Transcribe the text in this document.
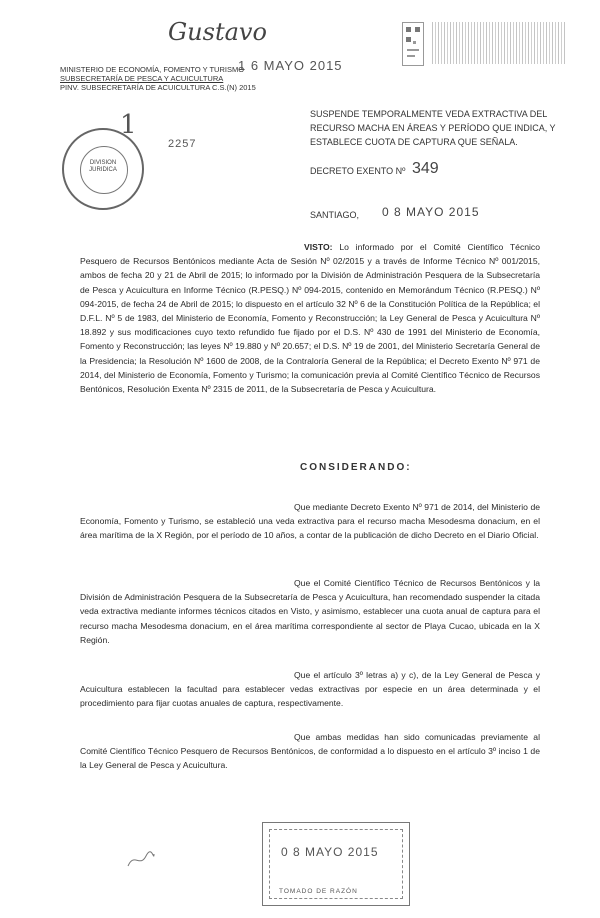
Gustavo
MINISTERIO DE ECONOMÍA, FOMENTO Y TURISMO
SUBSECRETARÍA DE PESCA Y ACUICULTURA
PINV. SUBSECRETARÍA DE ACUICULTURA C.S.(N) 2015
1 6 MAYO 2015
1
2257
DIVISION
JURIDICA
SUSPENDE TEMPORALMENTE VEDA EXTRACTIVA DEL RECURSO MACHA EN ÁREAS Y PERÍODO QUE INDICA, Y ESTABLECE CUOTA DE CAPTURA QUE SEÑALA.
DECRETO EXENTO Nº 349
SANTIAGO, 0 8 MAYO 2015
VISTO: Lo informado por el Comité Científico Técnico Pesquero de Recursos Bentónicos mediante Acta de Sesión Nº 02/2015 y a través de Informe Técnico Nº 001/2015, ambos de fecha 20 y 21 de Abril de 2015; lo informado por la División de Administración Pesquera de la Subsecretaría de Pesca y Acuicultura en Informe Técnico (R.PESQ.) Nº 094-2015, contenido en Memorándum Técnico (R.PESQ.) Nº 094-2015, de fecha 24 de Abril de 2015; lo dispuesto en el artículo 32 Nº 6 de la Constitución Política de la República; el D.F.L. Nº 5 de 1983, del Ministerio de Economía, Fomento y Reconstrucción; la Ley General de Pesca y Acuicultura Nº 18.892 y sus modificaciones cuyo texto refundido fue fijado por el D.S. Nº 430 de 1991 del Ministerio de Economía, Fomento y Reconstrucción; las leyes Nº 19.880 y Nº 20.657; el D.S. Nº 19 de 2001, del Ministerio Secretaría General de la Presidencia; la Resolución Nº 1600 de 2008, de la Contraloría General de la República; el Decreto Exento Nº 971 de 2014, del Ministerio de Economía, Fomento y Turismo; la comunicación previa al Comité Científico Técnico de Recursos Bentónicos, Resolución Exenta Nº 2315 de 2011, de la Subsecretaría de Pesca y Acuicultura.
CONSIDERANDO:
Que mediante Decreto Exento Nº 971 de 2014, del Ministerio de Economía, Fomento y Turismo, se estableció una veda extractiva para el recurso macha Mesodesma donacium, en el área marítima de la X Región, por el período de 10 años, a contar de la publicación de dicho Decreto en el Diario Oficial.
Que el Comité Científico Técnico de Recursos Bentónicos y la División de Administración Pesquera de la Subsecretaría de Pesca y Acuicultura, han recomendado suspender la citada veda extractiva mediante informes técnicos citados en Visto, y asimismo, establecer una cuota anual de captura para el recurso macha Mesodesma donacium, en el área marítima correspondiente al sector de Playa Cucao, ubicada en la X Región.
Que el artículo 3º letras a) y c), de la Ley General de Pesca y Acuicultura establecen la facultad para establecer vedas extractivas por especie en un área determinada y el procedimiento para fijar cuotas anuales de captura, respectivamente.
Que ambas medidas han sido comunicadas previamente al Comité Científico Técnico Pesquero de Recursos Bentónicos, de conformidad a lo dispuesto en el artículo 3º inciso 1 de la Ley General de Pesca y Acuicultura.
0 8 MAYO 2015
TOMADO DE RAZÓN
